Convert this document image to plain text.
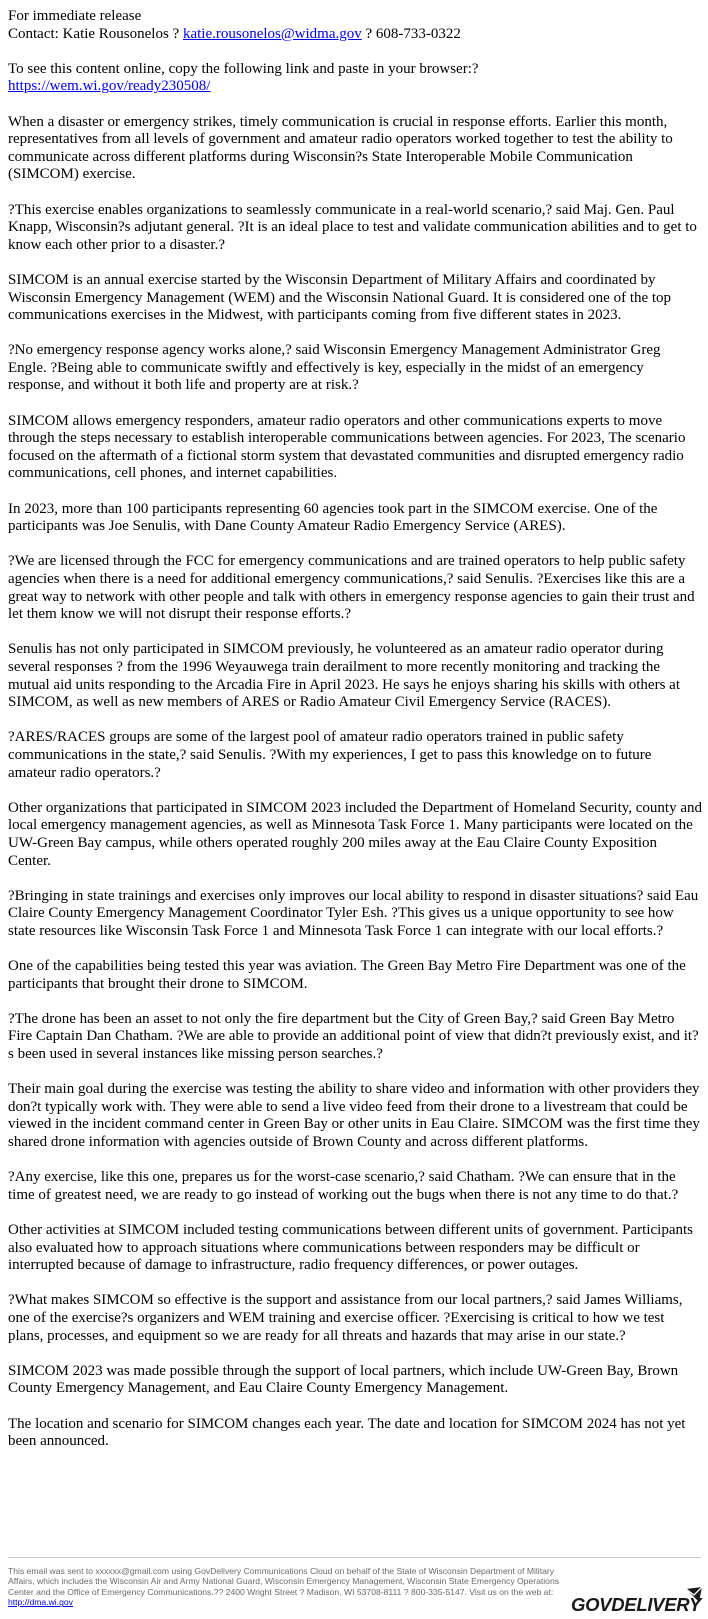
For immediate release
Contact: Katie Rousonelos ? katie.rousonelos@widma.gov ? 608-733-0322

To see this content online, copy the following link and paste in your browser:?
https://wem.wi.gov/ready230508/

When a disaster or emergency strikes, timely communication is crucial in response efforts. Earlier this month, representatives from all levels of government and amateur radio operators worked together to test the ability to communicate across different platforms during Wisconsin?s State Interoperable Mobile Communication (SIMCOM) exercise.

?This exercise enables organizations to seamlessly communicate in a real-world scenario,? said Maj. Gen. Paul Knapp, Wisconsin?s adjutant general. ?It is an ideal place to test and validate communication abilities and to get to know each other prior to a disaster.?

SIMCOM is an annual exercise started by the Wisconsin Department of Military Affairs and coordinated by Wisconsin Emergency Management (WEM) and the Wisconsin National Guard. It is considered one of the top communications exercises in the Midwest, with participants coming from five different states in 2023.

?No emergency response agency works alone,? said Wisconsin Emergency Management Administrator Greg Engle. ?Being able to communicate swiftly and effectively is key, especially in the midst of an emergency response, and without it both life and property are at risk.?

SIMCOM allows emergency responders, amateur radio operators and other communications experts to move through the steps necessary to establish interoperable communications between agencies. For 2023, The scenario focused on the aftermath of a fictional storm system that devastated communities and disrupted emergency radio communications, cell phones, and internet capabilities.

In 2023, more than 100 participants representing 60 agencies took part in the SIMCOM exercise. One of the participants was Joe Senulis, with Dane County Amateur Radio Emergency Service (ARES).

?We are licensed through the FCC for emergency communications and are trained operators to help public safety agencies when there is a need for additional emergency communications,? said Senulis. ?Exercises like this are a great way to network with other people and talk with others in emergency response agencies to gain their trust and let them know we will not disrupt their response efforts.?

Senulis has not only participated in SIMCOM previously, he volunteered as an amateur radio operator during several responses ? from the 1996 Weyauwega train derailment to more recently monitoring and tracking the mutual aid units responding to the Arcadia Fire in April 2023. He says he enjoys sharing his skills with others at SIMCOM, as well as new members of ARES or Radio Amateur Civil Emergency Service (RACES).

?ARES/RACES groups are some of the largest pool of amateur radio operators trained in public safety communications in the state,? said Senulis. ?With my experiences, I get to pass this knowledge on to future amateur radio operators.?

Other organizations that participated in SIMCOM 2023 included the Department of Homeland Security, county and local emergency management agencies, as well as Minnesota Task Force 1. Many participants were located on the UW-Green Bay campus, while others operated roughly 200 miles away at the Eau Claire County Exposition Center.

?Bringing in state trainings and exercises only improves our local ability to respond in disaster situations? said Eau Claire County Emergency Management Coordinator Tyler Esh. ?This gives us a unique opportunity to see how state resources like Wisconsin Task Force 1 and Minnesota Task Force 1 can integrate with our local efforts.?

One of the capabilities being tested this year was aviation. The Green Bay Metro Fire Department was one of the participants that brought their drone to SIMCOM.

?The drone has been an asset to not only the fire department but the City of Green Bay,? said Green Bay Metro Fire Captain Dan Chatham. ?We are able to provide an additional point of view that didn?t previously exist, and it?s been used in several instances like missing person searches.?

Their main goal during the exercise was testing the ability to share video and information with other providers they don?t typically work with. They were able to send a live video feed from their drone to a livestream that could be viewed in the incident command center in Green Bay or other units in Eau Claire. SIMCOM was the first time they shared drone information with agencies outside of Brown County and across different platforms.

?Any exercise, like this one, prepares us for the worst-case scenario,? said Chatham. ?We can ensure that in the time of greatest need, we are ready to go instead of working out the bugs when there is not any time to do that.?

Other activities at SIMCOM included testing communications between different units of government. Participants also evaluated how to approach situations where communications between responders may be difficult or interrupted because of damage to infrastructure, radio frequency differences, or power outages.

?What makes SIMCOM so effective is the support and assistance from our local partners,? said James Williams, one of the exercise?s organizers and WEM training and exercise officer. ?Exercising is critical to how we test plans, processes, and equipment so we are ready for all threats and hazards that may arise in our state.?

SIMCOM 2023 was made possible through the support of local partners, which include UW-Green Bay, Brown County Emergency Management, and Eau Claire County Emergency Management.

The location and scenario for SIMCOM changes each year. The date and location for SIMCOM 2024 has not yet been announced.

This email was sent to xxxxxx@gmail.com using GovDelivery Communications Cloud on behalf of the State of Wisconsin Department of Military Affairs, which includes the Wisconsin Air and Army National Guard, Wisconsin Emergency Management, Wisconsin State Emergency Operations Center and the Office of Emergency Communications.?? 2400 Wright Street ? Madison, WI 53708-8111 ? 800-335-5147. Visit us on the web at: http://dma.wi.gov	GOVDELIVERY
